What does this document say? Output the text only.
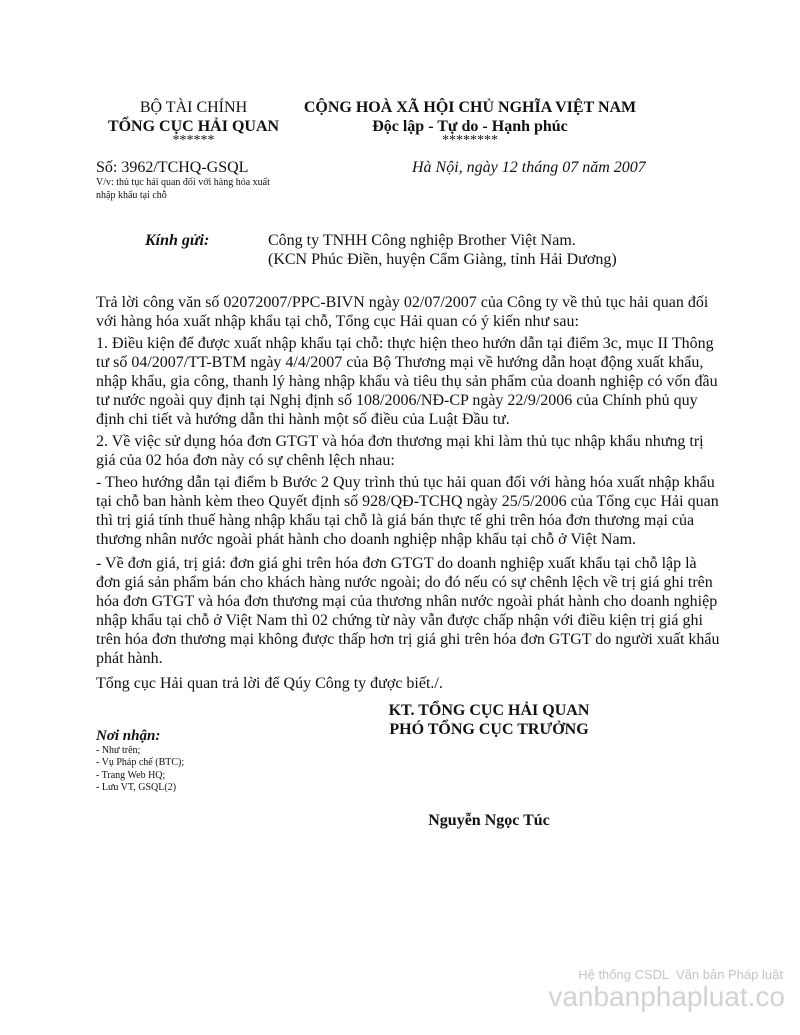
BỘ TÀI CHÍNH
TỔNG CỤC HẢI QUAN
******
CỘNG HOÀ XÃ HỘI CHỦ NGHĨA VIỆT NAM
Độc lập - Tự do - Hạnh phúc
********
Số: 3962/TCHQ-GSQL	Hà Nội, ngày 12 tháng 07 năm 2007
V/v: thủ tục hải quan đối với hàng hóa xuất
nhập khẩu tại chỗ
Kính gửi:	Công ty TNHH Công nghiệp Brother Việt Nam.
(KCN Phúc Điền, huyện Cẩm Giàng, tỉnh Hải Dương)
Trả lời công văn số 02072007/PPC-BIVN ngày 02/07/2007 của Công ty về thủ tục hải quan đối
với hàng hóa xuất nhập khẩu tại chỗ, Tổng cục Hải quan có ý kiến như sau:
1. Điều kiện để được xuất nhập khẩu tại chỗ: thực hiện theo hướn dẫn tại điểm 3c, mục II Thông
tư số 04/2007/TT-BTM ngày 4/4/2007 của Bộ Thương mại về hướng dẫn hoạt động xuất khẩu,
nhập khẩu, gia công, thanh lý hàng nhập khẩu và tiêu thụ sản phẩm của doanh nghiệp có vốn đầu
tư nước ngoài quy định tại Nghị định số 108/2006/NĐ-CP ngày 22/9/2006 của Chính phủ quy
định chi tiết và hướng dẫn thi hành một số điều của Luật Đầu tư.
2. Về việc sử dụng hóa đơn GTGT và hóa đơn thương mại khi làm thủ tục nhập khẩu nhưng trị
giá của 02 hóa đơn này có sự chênh lệch nhau:
- Theo hướng dẫn tại điểm b Bước 2 Quy trình thủ tục hải quan đối với hàng hóa xuất nhập khẩu
tại chỗ ban hành kèm theo Quyết định số 928/QĐ-TCHQ ngày 25/5/2006 của Tổng cục Hải quan
thì trị giá tính thuế hàng nhập khẩu tại chỗ là giá bán thực tế ghi trên hóa đơn thương mại của
thương nhân nước ngoài phát hành cho doanh nghiệp nhập khẩu tại chỗ ở Việt Nam.
- Về đơn giá, trị giá: đơn giá ghi trên hóa đơn GTGT do doanh nghiệp xuất khẩu tại chỗ lập là
đơn giá sản phẩm bán cho khách hàng nước ngoài; do đó nếu có sự chênh lệch về trị giá ghi trên
hóa đơn GTGT và hóa đơn thương mại của thương nhân nước ngoài phát hành cho doanh nghiệp
nhập khẩu tại chỗ ở Việt Nam thì 02 chứng từ này vẫn được chấp nhận với điều kiện trị giá ghi
trên hóa đơn thương mại không được thấp hơn trị giá ghi trên hóa đơn GTGT do người xuất khẩu
phát hành.
Tổng cục Hải quan trả lời để Qúy Công ty được biết./.
KT. TỔNG CỤC HẢI QUAN
PHÓ TỔNG CỤC TRƯỞNG
Nguyễn Ngọc Túc
Nơi nhận:
- Như trên;
- Vụ Pháp chế (BTC);
- Trang Web HQ;
- Lưu VT, GSQL(2)
Hệ thống CSDL  Văn bản Pháp luật
vanbanphapluat.co
